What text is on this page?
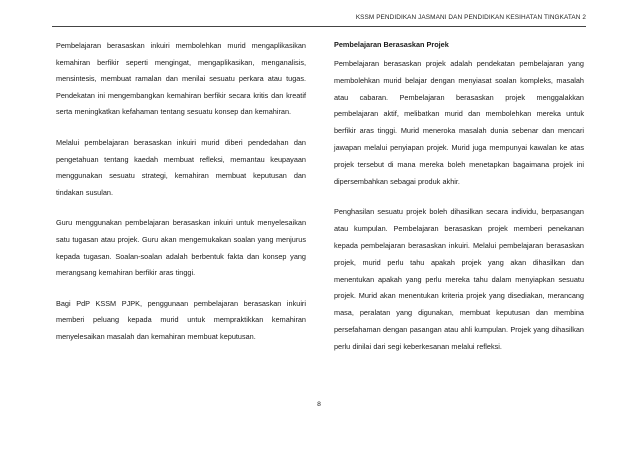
KSSM PENDIDIKAN JASMANI DAN PENDIDIKAN KESIHATAN TINGKATAN 2

Pembelajaran berasaskan inkuiri membolehkan murid mengaplikasikan kemahiran berfikir seperti mengingat, mengaplikasikan, menganalisis, mensintesis, membuat ramalan dan menilai sesuatu perkara atau tugas. Pendekatan ini mengembangkan kemahiran berfikir secara kritis dan kreatif serta meningkatkan kefahaman tentang sesuatu konsep dan kemahiran.

Melalui pembelajaran berasaskan inkuiri murid diberi pendedahan dan pengetahuan tentang kaedah membuat refleksi, memantau keupayaan menggunakan sesuatu strategi, kemahiran membuat keputusan dan tindakan susulan.

Guru menggunakan pembelajaran berasaskan inkuiri untuk menyelesaikan satu tugasan atau projek. Guru akan mengemukakan soalan yang menjurus kepada tugasan. Soalan-soalan adalah berbentuk fakta dan konsep yang merangsang kemahiran berfikir aras tinggi.

Bagi PdP KSSM PJPK, penggunaan pembelajaran berasaskan inkuiri memberi peluang kepada murid untuk mempraktikkan kemahiran menyelesaikan masalah dan kemahiran membuat keputusan.

Pembelajaran Berasaskan Projek

Pembelajaran berasaskan projek adalah pendekatan pembelajaran yang membolehkan murid belajar dengan menyiasat soalan kompleks, masalah atau cabaran. Pembelajaran berasaskan projek menggalakkan pembelajaran aktif, melibatkan murid dan membolehkan mereka untuk berfikir aras tinggi. Murid meneroka masalah dunia sebenar dan mencari jawapan melalui penyiapan projek. Murid juga mempunyai kawalan ke atas projek tersebut di mana mereka boleh menetapkan bagaimana projek ini dipersembahkan sebagai produk akhir.

Penghasilan sesuatu projek boleh dihasilkan secara individu, berpasangan atau kumpulan. Pembelajaran berasaskan projek memberi penekanan kepada pembelajaran berasaskan inkuiri. Melalui pembelajaran berasaskan projek, murid perlu tahu apakah projek yang akan dihasilkan dan menentukan apakah yang perlu mereka tahu dalam menyiapkan sesuatu projek. Murid akan menentukan kriteria projek yang disediakan, merancang masa, peralatan yang digunakan, membuat keputusan dan membina persefahaman dengan pasangan atau ahli kumpulan. Projek yang dihasilkan perlu dinilai dari segi keberkesanan melalui refleksi.

8
